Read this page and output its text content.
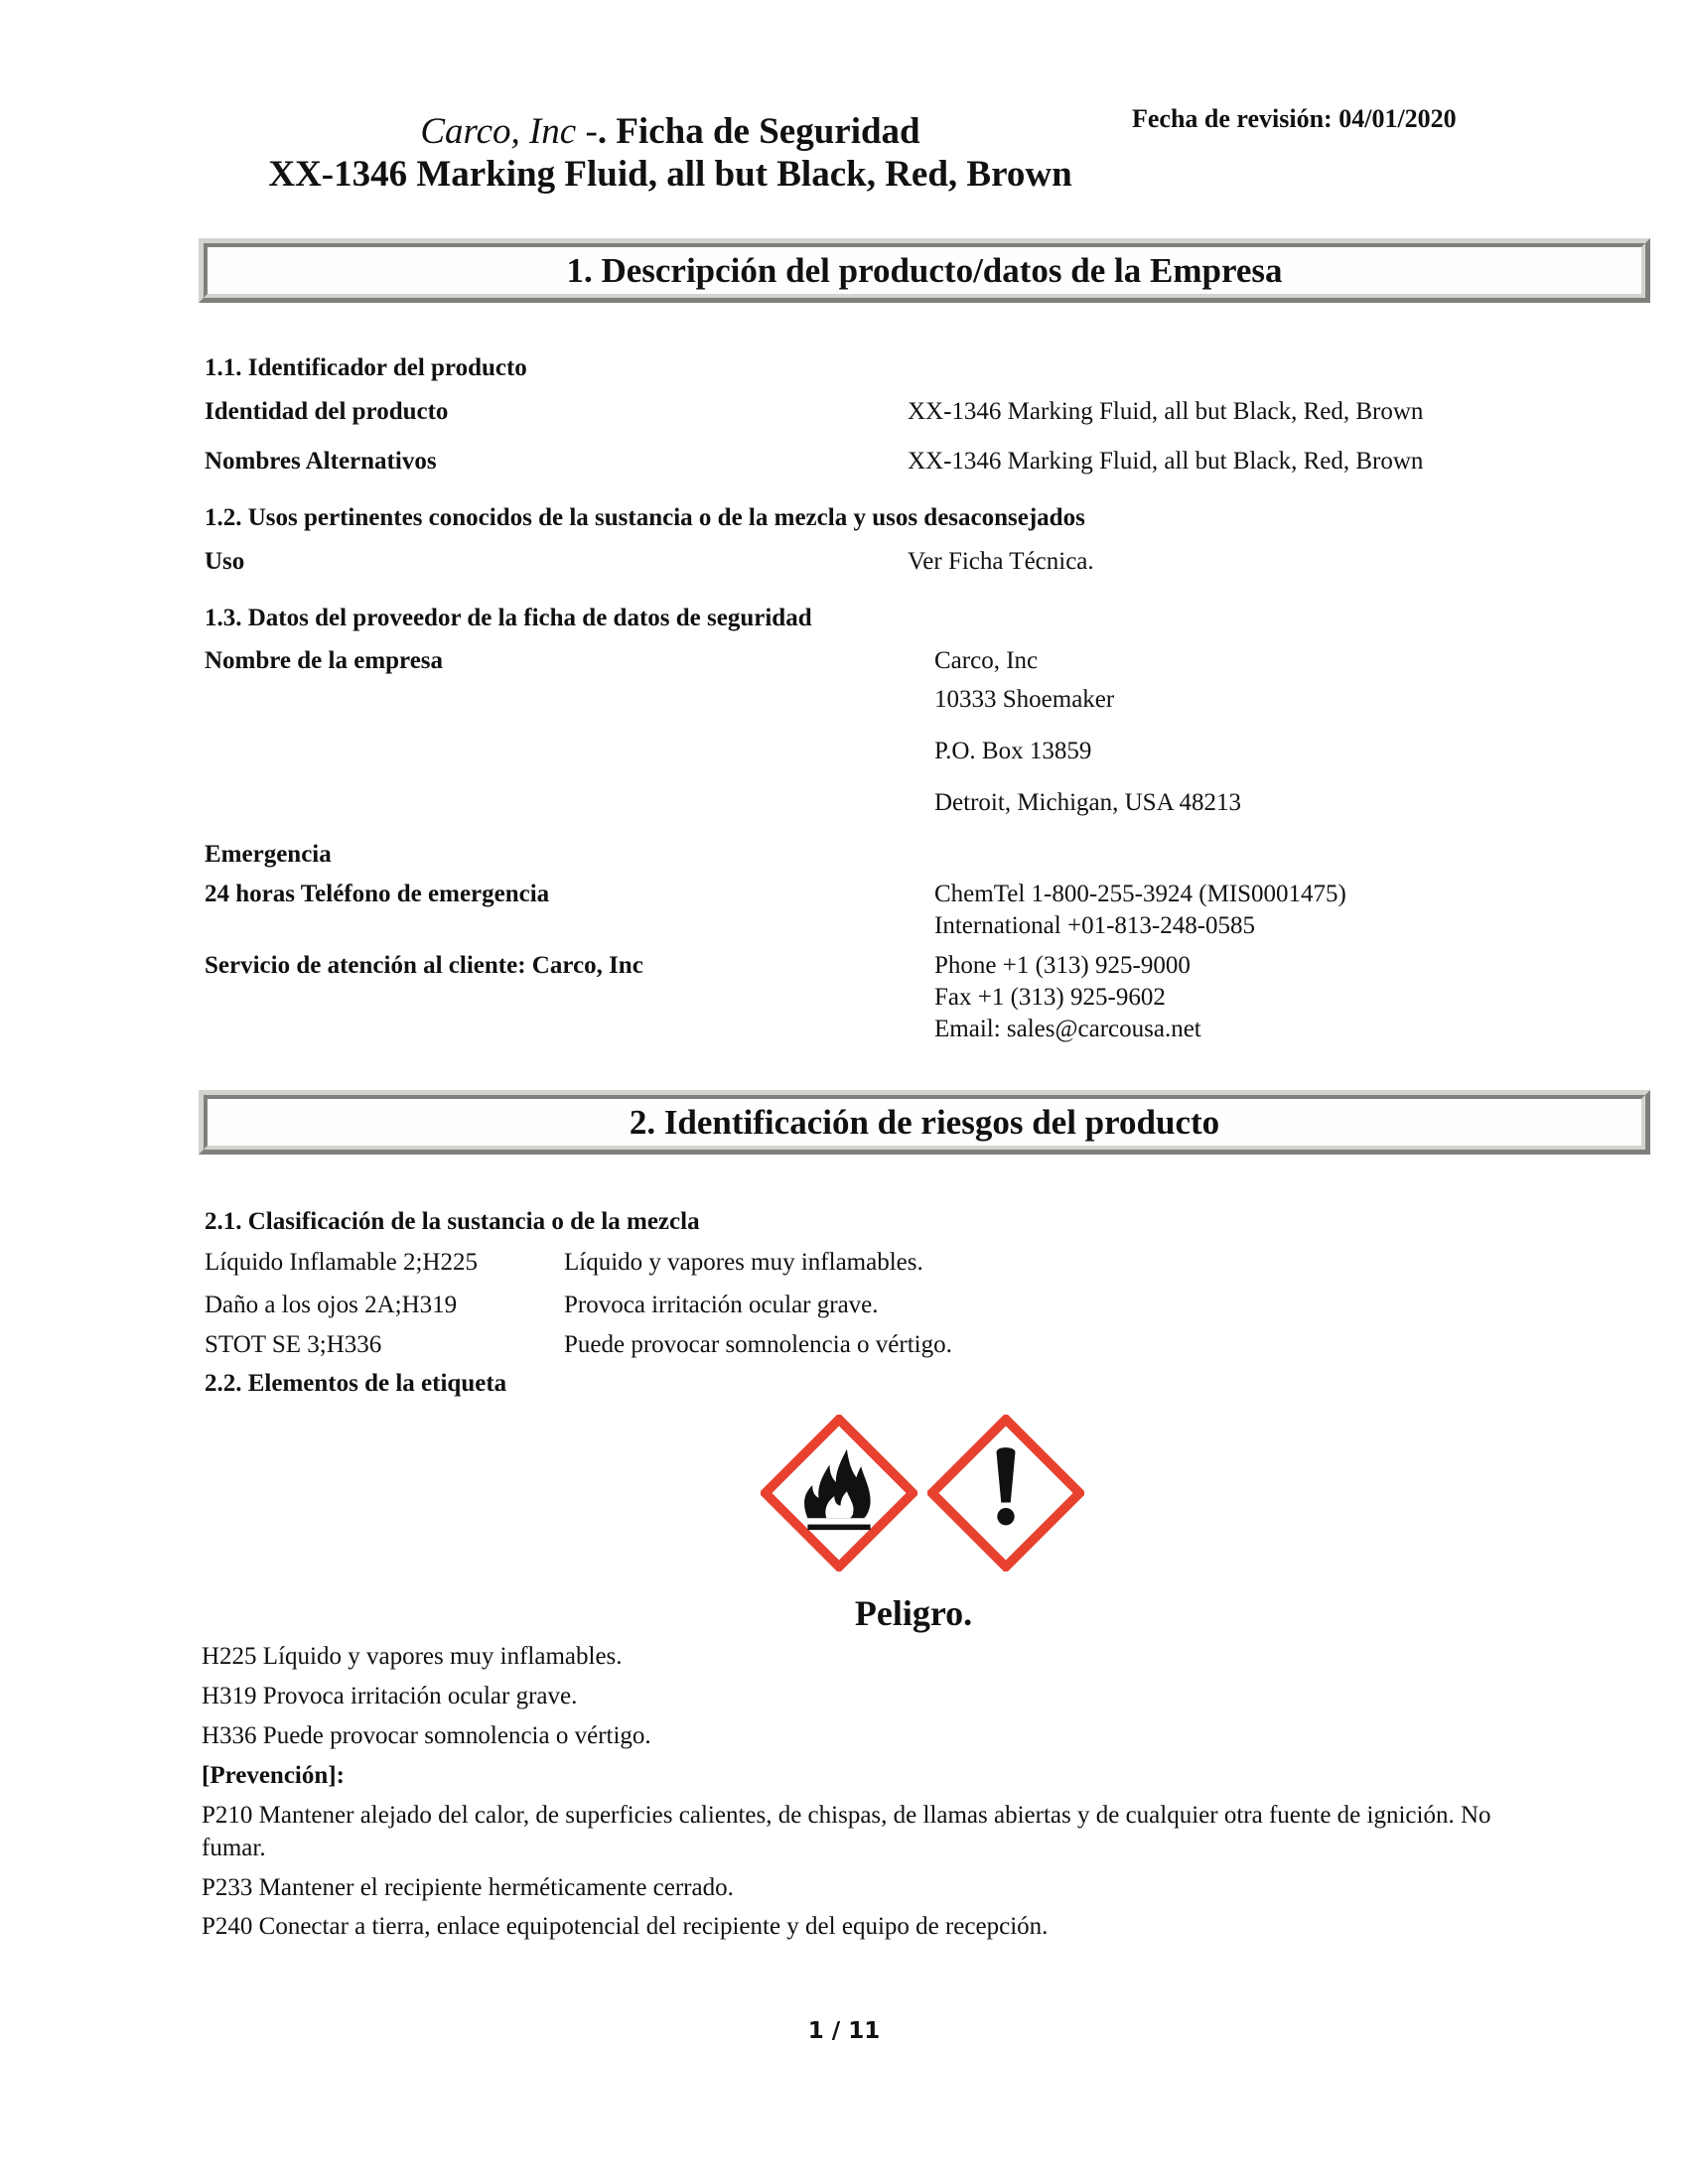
Carco, Inc -. Ficha de Seguridad
XX-1346 Marking Fluid, all but Black, Red, Brown
Fecha de revisión: 04/01/2020
1. Descripción del producto/datos de la Empresa
1.1. Identificador del producto
Identidad del producto	XX-1346 Marking Fluid, all but Black, Red, Brown
Nombres Alternativos	XX-1346 Marking Fluid, all but Black, Red, Brown
1.2. Usos pertinentes conocidos de la sustancia o de la mezcla y usos desaconsejados
Uso	Ver Ficha Técnica.
1.3. Datos del proveedor de la ficha de datos de seguridad
Nombre de la empresa	Carco, Inc
10333 Shoemaker
P.O. Box 13859
Detroit, Michigan, USA 48213
Emergencia
24 horas Teléfono de emergencia	ChemTel 1-800-255-3924 (MIS0001475)
International +01-813-248-0585
Servicio de atención al cliente: Carco, Inc	Phone +1 (313) 925-9000
Fax +1 (313) 925-9602
Email: sales@carcousa.net
2. Identificación de riesgos del producto
2.1. Clasificación de la sustancia o de la mezcla
Líquido Inflamable 2;H225	Líquido y vapores muy inflamables.
Daño a los ojos 2A;H319	Provoca irritación ocular grave.
STOT SE 3;H336	Puede provocar somnolencia o vértigo.
2.2. Elementos de la etiqueta
Peligro.
H225 Líquido y vapores muy inflamables.
H319 Provoca irritación ocular grave.
H336 Puede provocar somnolencia o vértigo.
[Prevención]:
P210 Mantener alejado del calor, de superficies calientes, de chispas, de llamas abiertas y de cualquier otra fuente de ignición. No
fumar.
P233 Mantener el recipiente herméticamente cerrado.
P240 Conectar a tierra, enlace equipotencial del recipiente y del equipo de recepción.
1 / 11
